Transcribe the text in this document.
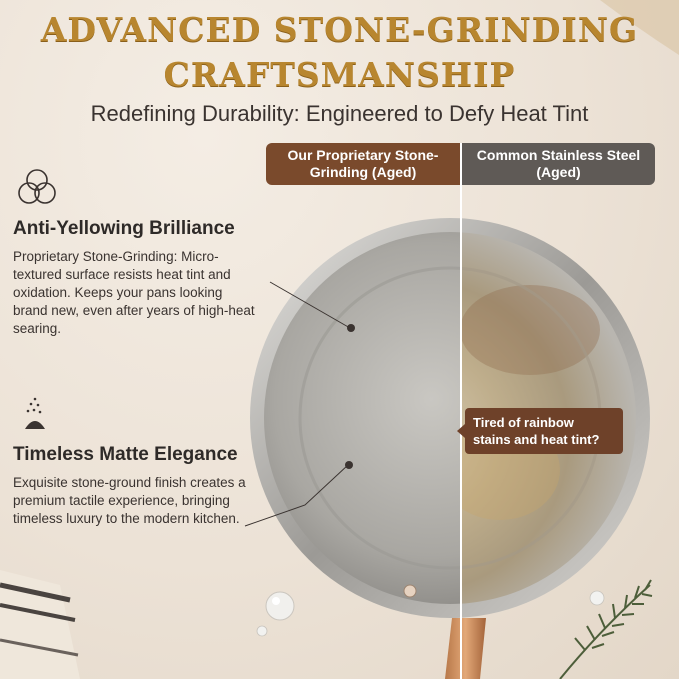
ADVANCED STONE-GRINDING
CRAFTSMANSHIP
Redefining Durability: Engineered to Defy Heat Tint
Our Proprietary Stone-Grinding (Aged)
Common Stainless Steel (Aged)
Anti-Yellowing Brilliance
Proprietary Stone-Grinding: Micro-textured surface resists heat tint and oxidation. Keeps your pans looking brand new, even after years of high-heat searing.
Timeless Matte Elegance
Exquisite stone-ground finish creates a premium tactile experience, bringing timeless luxury to the modern kitchen.
Tired of rainbow stains and heat tint?
